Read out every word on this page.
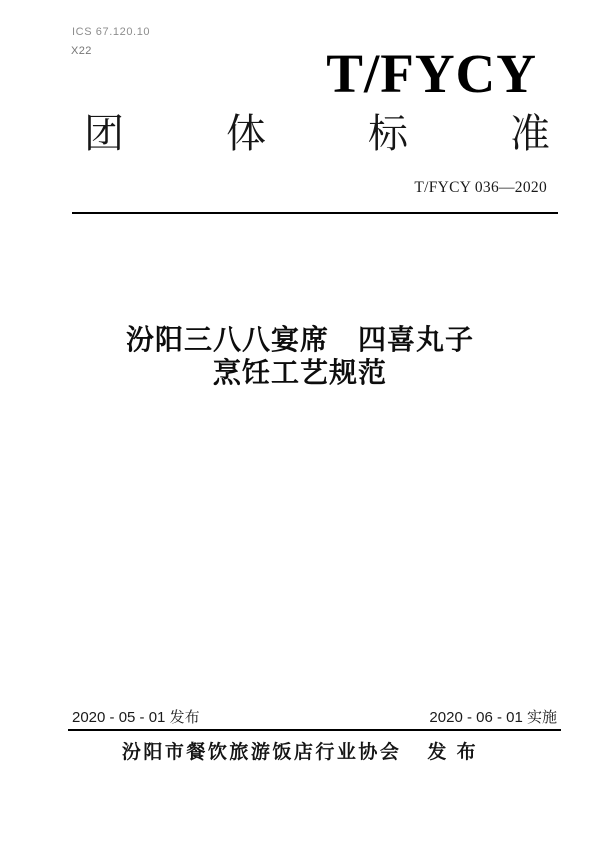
ICS 67.120.10
X22	T/FYCY
团	体	标	准
T/FYCY 036—2020
汾阳三八八宴席　四喜丸子
烹饪工艺规范
2020 - 05 - 01 发布	2020 - 06 - 01 实施
汾阳市餐饮旅游饭店行业协会 发 布
